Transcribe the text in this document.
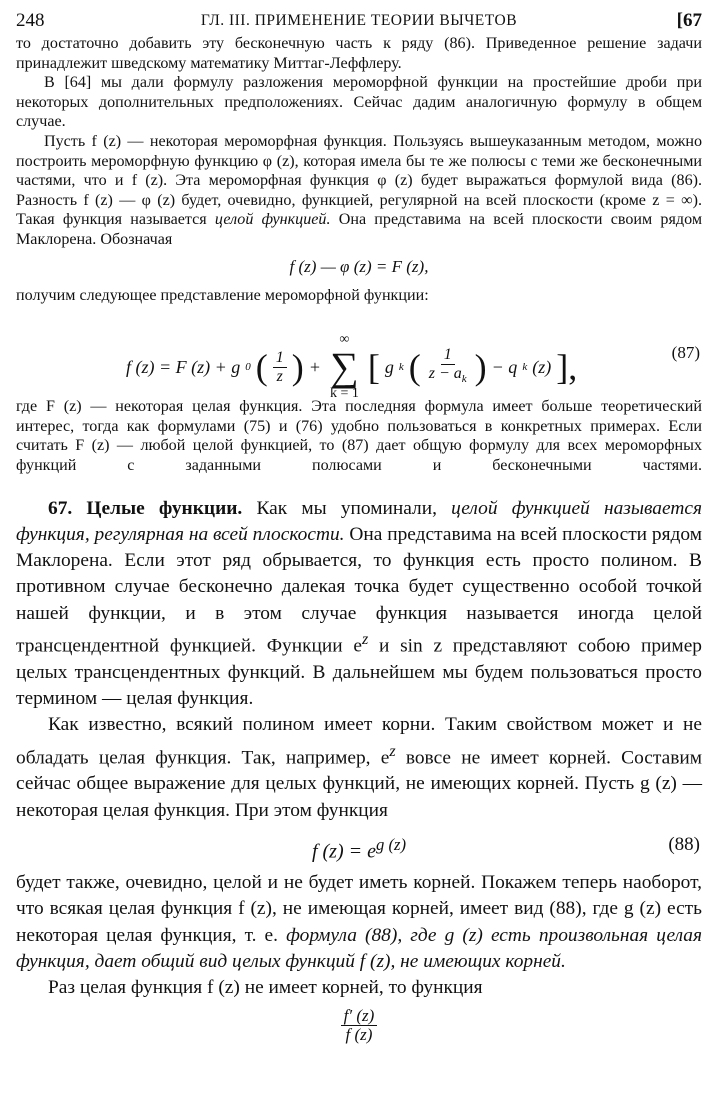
248	ГЛ. III. ПРИМЕНЕНИЕ ТЕОРИИ ВЫЧЕТОВ	[67

то достаточно добавить эту бесконечную часть к ряду (86). Приведенное решение задачи принадлежит шведскому математику Миттаг-Леффлеру.

В [64] мы дали формулу разложения мероморфной функции на простейшие дроби при некоторых дополнительных предположениях. Сейчас дадим аналогичную формулу в общем случае.

Пусть f (z) — некоторая мероморфная функция. Пользуясь вышеуказанным методом, можно построить мероморфную функцию φ (z), которая имела бы те же полюсы с теми же бесконечными частями, что и f (z). Эта мероморфная функция φ (z) будет выражаться формулой вида (86). Разность f (z) — φ (z) будет, очевидно, функцией, регулярной на всей плоскости (кроме z = ∞). Такая функция называется целой функцией. Она представима на всей плоскости своим рядом Маклорена. Обозначая

f (z) — φ (z) = F (z),

получим следующее представление мероморфной функции:

f (z) = F (z) + g 0 ( $\frac{1}{z}$ ) +
∞
∑
k = 1
[ g k ( $\frac{1}{z - a_k}$ ) − q k (z) ],	(87)

где F (z) — некоторая целая функция. Эта последняя формула имеет больше теоретический интерес, тогда как формулами (75) и (76) удобно пользоваться в конкретных примерах. Если считать F (z) — любой целой функцией, то (87) дает общую формулу для всех мероморфных функций с заданными полюсами и бесконечными частями.

67. Целые функции. Как мы упоминали, целой функцией называется функция, регулярная на всей плоскости. Она представима на всей плоскости рядом Маклорена. Если этот ряд обрывается, то функция есть просто полином. В противном случае бесконечно далекая точка будет существенно особой точкой нашей функции, и в этом случае функция называется иногда целой трансцендентной функцией. Функции $e^z$ и sin z представляют собою пример целых трансцендентных функций. В дальнейшем мы будем пользоваться просто термином — целая функция.

Как известно, всякий полином имеет корни. Таким свойством может и не обладать целая функция. Так, например, $e^z$ вовсе не имеет корней. Составим сейчас общее выражение для целых функций, не имеющих корней. Пусть g (z) — некоторая целая функция. При этом функция

f $(z) = e^{g (z)}$	(88)

будет также, очевидно, целой и не будет иметь корней. Покажем теперь наоборот, что всякая целая функция f (z), не имеющая корней, имеет вид (88), где g (z) есть некоторая целая функция, т. е. формула (88), где g (z) есть произвольная целая функция, дает общий вид целых функций f (z), не имеющих корней.

Раз целая функция f (z) не имеет корней, то функция

$\frac{f' (z)}{f (z)}$
